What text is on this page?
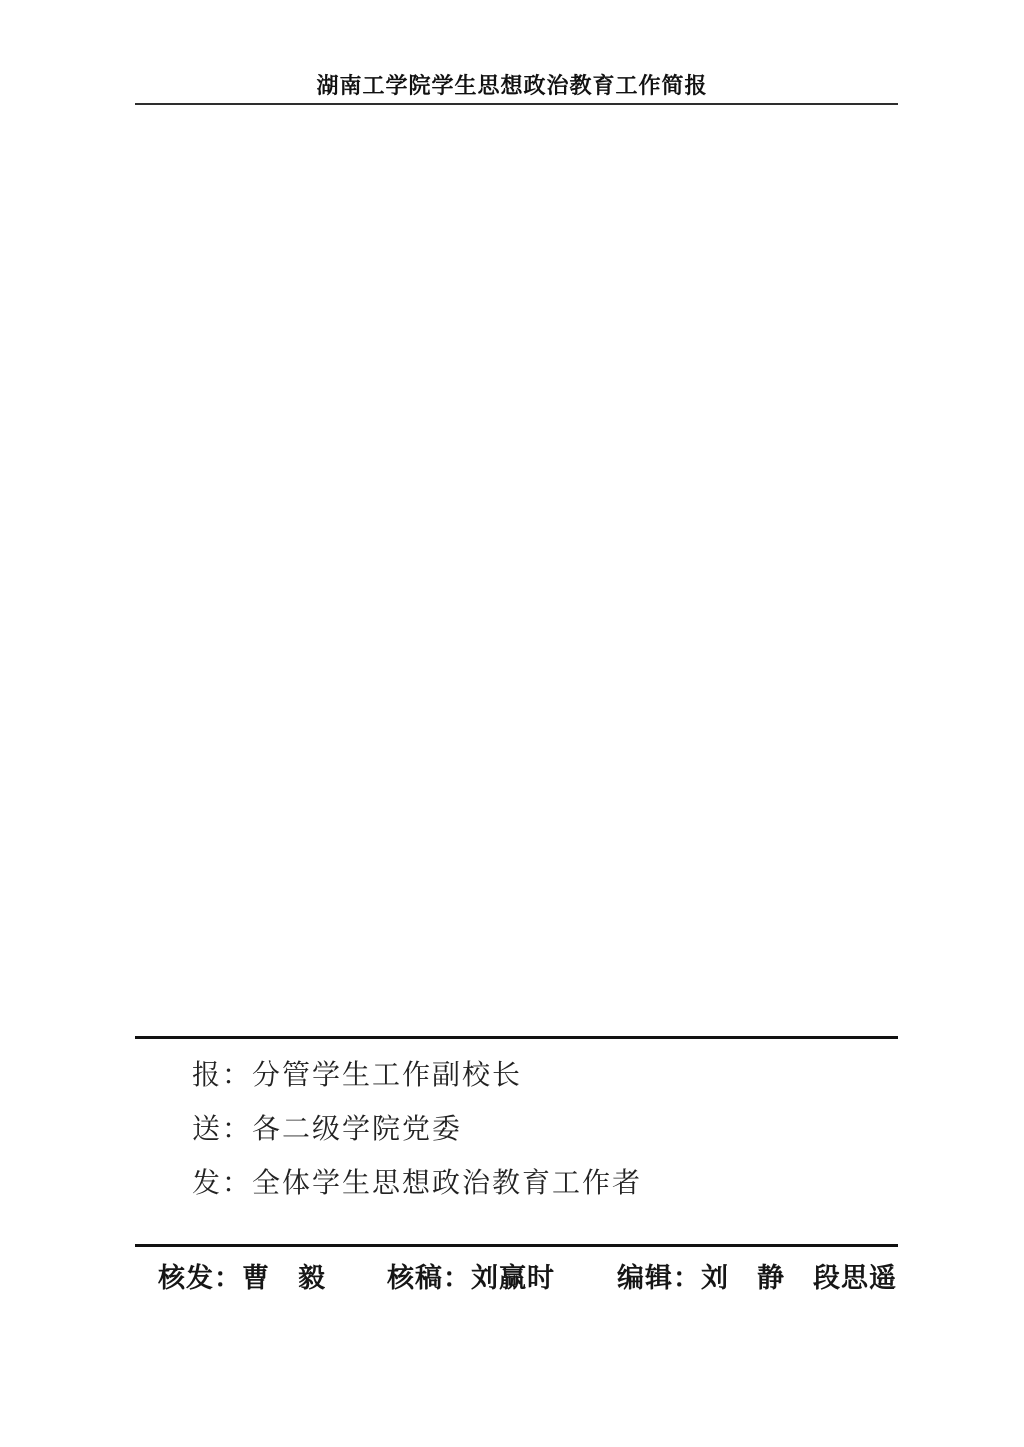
湖南工学院学生思想政治教育工作简报
报：分管学生工作副校长
送：各二级学院党委
发：全体学生思想政治教育工作者
核发：曹　毅 核稿：刘赢时 编辑：刘　静　段思遥
